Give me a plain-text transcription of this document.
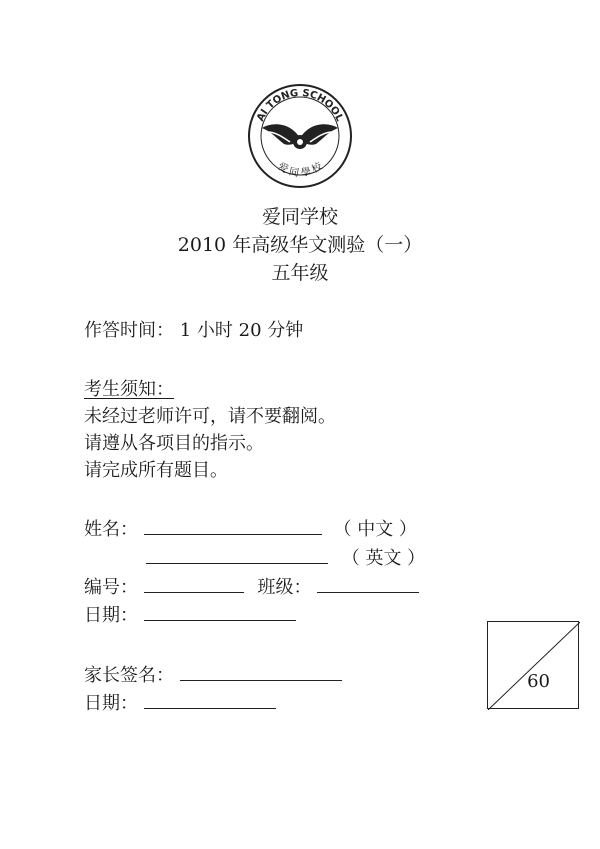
AI TONG SCHOOL
爱 同 學 校
爱同学校
2010 年高级华文测验（一）
五年级
作答时间： 1 小时 20 分钟
考生须知：
未经过老师许可，请不要翻阅。
请遵从各项目的指示。
请完成所有题目。
姓名：	（ 中文 ）
（ 英文 ）
编号：	班级：
日期：
家长签名：
日期：
60
